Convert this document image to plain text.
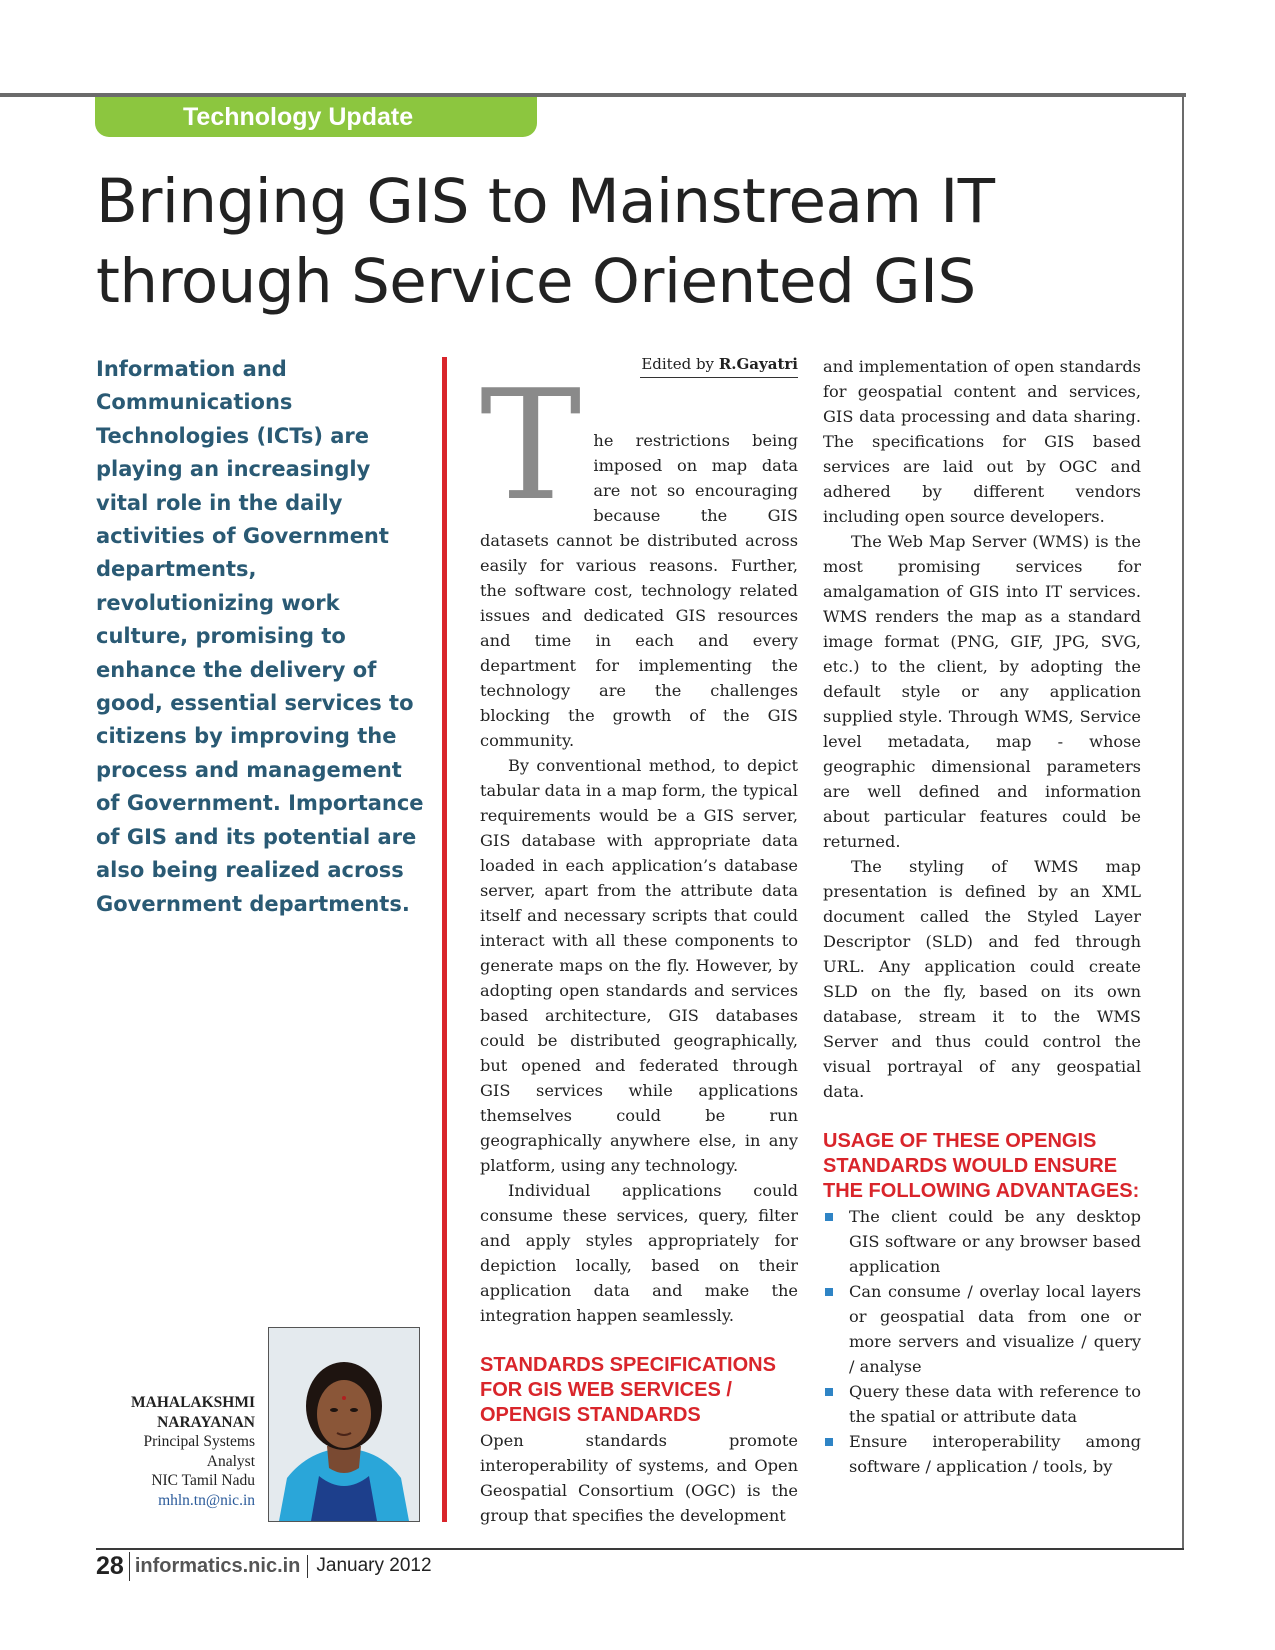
Technology Update
Bringing GIS to Mainstream IT
through Service Oriented GIS

Information and Communications Technologies (ICTs) are playing an increasingly vital role in the daily activities of Government departments, revolutionizing work culture, promising to enhance the delivery of good, essential services to citizens by improving the process and management of Government. Importance of GIS and its potential are also being realized across Government departments.

MAHALAKSHMI
NARAYANAN
Principal Systems
Analyst
NIC Tamil Nadu
mhln.tn@nic.in
Edited by R.Gayatri
T he restrictions being imposed on map data are not so encouraging because the GIS datasets cannot be distributed across easily for various reasons. Further, the software cost, technology related issues and dedicated GIS resources and time in each and every department for implementing the technology are the challenges blocking the growth of the GIS community.

By conventional method, to depict tabular data in a map form, the typical requirements would be a GIS server, GIS database with appropriate data loaded in each application’s database server, apart from the attribute data itself and necessary scripts that could interact with all these components to generate maps on the fly. However, by adopting open standards and services based architecture, GIS databases could be distributed geographically, but opened and federated through GIS services while applications themselves could be run geographically anywhere else, in any platform, using any technology.

Individual applications could consume these services, query, filter and apply styles appropriately for depiction locally, based on their application data and make the integration happen seamlessly.

STANDARDS SPECIFICATIONS FOR GIS WEB SERVICES / OPENGIS STANDARDS

Open standards promote interoperability of systems, and Open Geospatial Consortium (OGC) is the group that specifies the development

and implementation of open standards for geospatial content and services, GIS data processing and data sharing. The specifications for GIS based services are laid out by OGC and adhered by different vendors including open source developers.

The Web Map Server (WMS) is the most promising services for amalgamation of GIS into IT services. WMS renders the map as a standard image format (PNG, GIF, JPG, SVG, etc.) to the client, by adopting the default style or any application supplied style. Through WMS, Service level metadata, map - whose geographic dimensional parameters are well defined and information about particular features could be returned.

The styling of WMS map presentation is defined by an XML document called the Styled Layer Descriptor (SLD) and fed through URL. Any application could create SLD on the fly, based on its own database, stream it to the WMS Server and thus could control the visual portrayal of any geospatial data.

USAGE OF THESE OPENGIS STANDARDS WOULD ENSURE THE FOLLOWING ADVANTAGES:
The client could be any desktop GIS software or any browser based application
Can consume / overlay local layers or geospatial data from one or more servers and visualize / query / analyse
Query these data with reference to the spatial or attribute data
Ensure interoperability among software / application / tools, by
28 informatics.nic.in January 2012
